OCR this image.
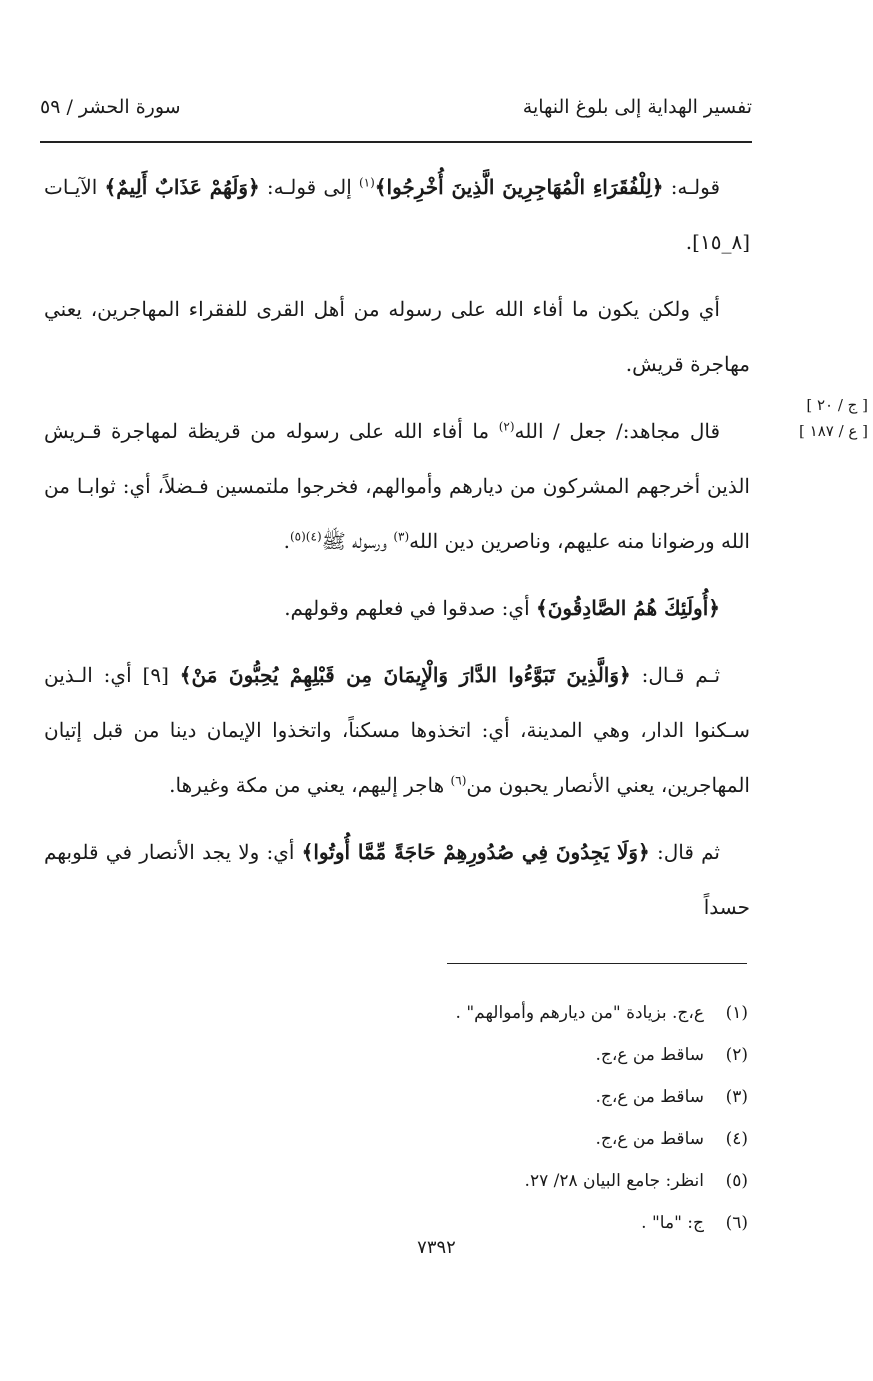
تفسير الهداية إلى بلوغ النهاية
سورة الحشر / ٥٩
[ ج / ٢٠ ]
[ ع / ١٨٧ ]

قولـه: ﴿لِلْفُقَرَاءِ الْمُهَاجِرِينَ الَّذِينَ أُخْرِجُوا﴾$^{(١)}$ إلى قولـه: ﴿وَلَهُمْ عَذَابٌ أَلِيمٌ﴾ الآيـات [٨_١٥].

أي ولكن يكون ما أفاء الله على رسوله من أهل القرى للفقراء المهاجرين، يعني مهاجرة قريش.

قال مجاهد:/ جعل / الله$^{(٢)}$ ما أفاء الله على رسوله من قريظة لمهاجرة قـريش الذين أخرجهم المشركون من ديارهم وأموالهم، فخرجوا ملتمسين فـضلاً، أي: ثوابـا من الله ورضوانا منه عليهم، وناصرين دين الله$^{(٣)}$ ورسوله ﷺ$^{(٤)(٥)}$.

﴿أُولَئِكَ هُمُ الصَّادِقُونَ﴾ أي: صدقوا في فعلهم وقولهم.

ثـم قـال: ﴿وَالَّذِينَ تَبَوَّءُوا الدَّارَ وَالْإِيمَانَ مِن قَبْلِهِمْ يُحِبُّونَ مَنْ﴾ [٩] أي: الـذين سـكنوا الدار، وهي المدينة، أي: اتخذوها مسكناً، واتخذوا الإيمان دينا من قبل إتيان المهاجرين، يعني الأنصار يحبون من$^{(٦)}$ هاجر إليهم، يعني من مكة وغيرها.

ثم قال: ﴿وَلَا يَجِدُونَ فِي صُدُورِهِمْ حَاجَةً مِّمَّا أُوتُوا﴾ أي: ولا يجد الأنصار في قلوبهم حسداً

(١)
ع،ج. بزيادة "من ديارهم وأموالهم" .
(٢)
ساقط من ع،ج.
(٣)
ساقط من ع،ج.
(٤)
ساقط من ع،ج.
(٥)
انظر: جامع البيان ٢٨/ ٢٧.
(٦)
ج: "ما" .
٧٣٩٢
